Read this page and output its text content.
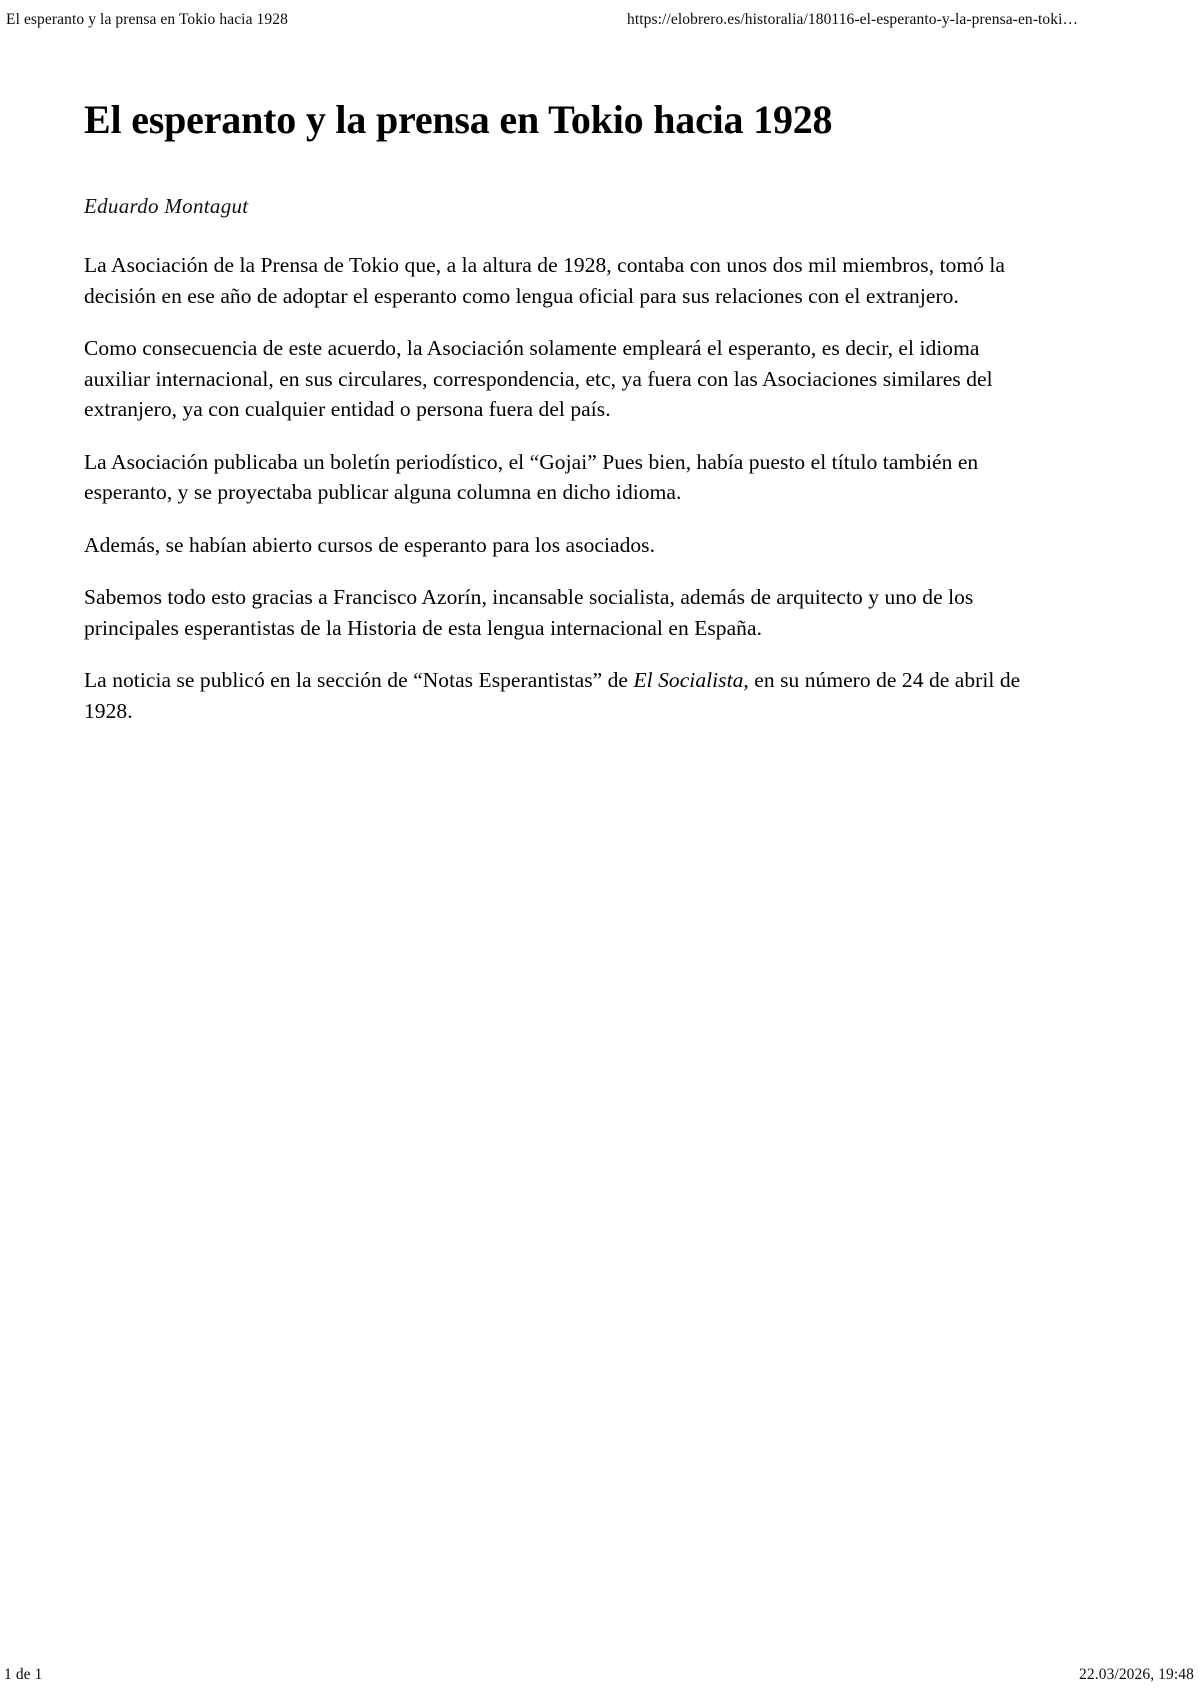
El esperanto y la prensa en Tokio hacia 1928	https://elobrero.es/historalia/180116-el-esperanto-y-la-prensa-en-toki…
El esperanto y la prensa en Tokio hacia 1928
Eduardo Montagut

La Asociación de la Prensa de Tokio que, a la altura de 1928, contaba con unos dos mil miembros, tomó la decisión en ese año de adoptar el esperanto como lengua oficial para sus relaciones con el extranjero.

Como consecuencia de este acuerdo, la Asociación solamente empleará el esperanto, es decir, el idioma auxiliar internacional, en sus circulares, correspondencia, etc, ya fuera con las Asociaciones similares del extranjero, ya con cualquier entidad o persona fuera del país.

La Asociación publicaba un boletín periodístico, el “Gojai” Pues bien, había puesto el título también en esperanto, y se proyectaba publicar alguna columna en dicho idioma.

Además, se habían abierto cursos de esperanto para los asociados.

Sabemos todo esto gracias a Francisco Azorín, incansable socialista, además de arquitecto y uno de los principales esperantistas de la Historia de esta lengua internacional en España.

La noticia se publicó en la sección de “Notas Esperantistas” de El Socialista, en su número de 24 de abril de 1928.

1 de 1	22.03/2026, 19:48
